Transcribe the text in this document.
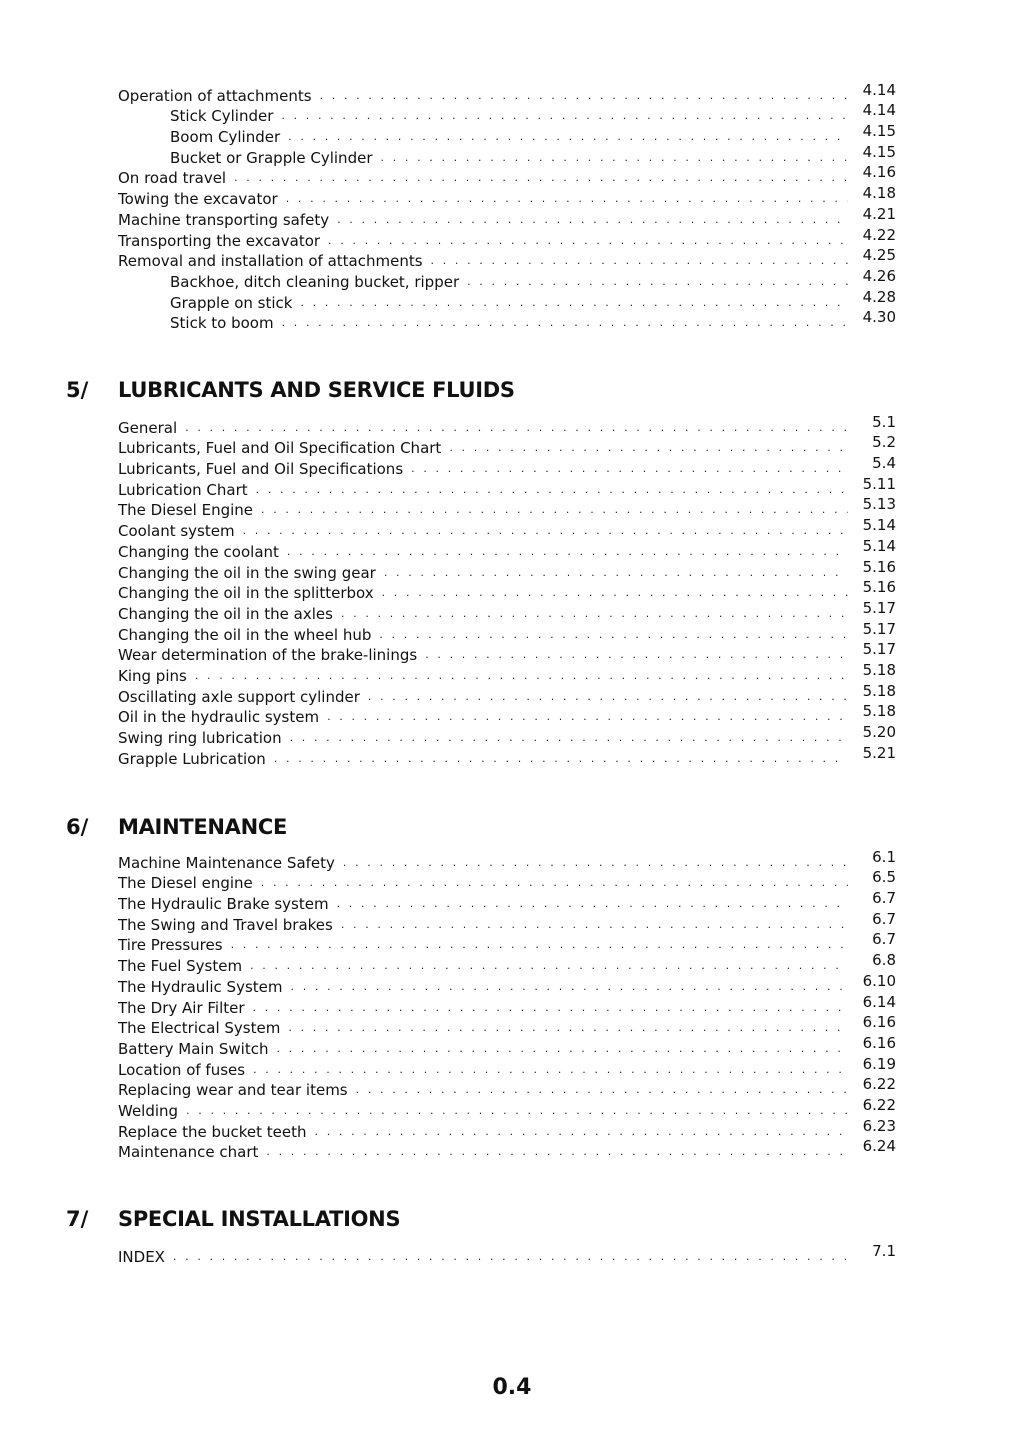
Operation of attachments . . .	4.14
Stick Cylinder . . .	4.14
Boom Cylinder . . .	4.15
Bucket or Grapple Cylinder . . .	4.15
On road travel . . .	4.16
Towing the excavator . . .	4.18
Machine transporting safety . . .	4.21
Transporting the excavator . . .	4.22
Removal and installation of attachments . . .	4.25
Backhoe, ditch cleaning bucket, ripper . . .	4.26
Grapple on stick . . .	4.28
Stick to boom . . .	4.30
5/	LUBRICANTS AND SERVICE FLUIDS
General . . .	5.1
Lubricants, Fuel and Oil Specification Chart . . .	5.2
Lubricants, Fuel and Oil Specifications . . .	5.4
Lubrication Chart . . .	5.11
The Diesel Engine . . .	5.13
Coolant system . . .	5.14
Changing the coolant . . .	5.14
Changing the oil in the swing gear . . .	5.16
Changing the oil in the splitterbox . . .	5.16
Changing the oil in the axles . . .	5.17
Changing the oil in the wheel hub . . .	5.17
Wear determination of the brake-linings . . .	5.17
King pins . . .	5.18
Oscillating axle support cylinder . . .	5.18
Oil in the hydraulic system . . .	5.18
Swing ring lubrication . . .	5.20
Grapple Lubrication . . .	5.21
6/	MAINTENANCE
Machine Maintenance Safety . . .	6.1
The Diesel engine . . .	6.5
The Hydraulic Brake system . . .	6.7
The Swing and Travel brakes . . .	6.7
Tire Pressures . . .	6.7
The Fuel System . . .	6.8
The Hydraulic System . . .	6.10
The Dry Air Filter . . .	6.14
The Electrical System . . .	6.16
Battery Main Switch . . .	6.16
Location of fuses . . .	6.19
Replacing wear and tear items . . .	6.22
Welding . . .	6.22
Replace the bucket teeth . . .	6.23
Maintenance chart . . .	6.24
7/	SPECIAL INSTALLATIONS
INDEX . . .	7.1
0.4
